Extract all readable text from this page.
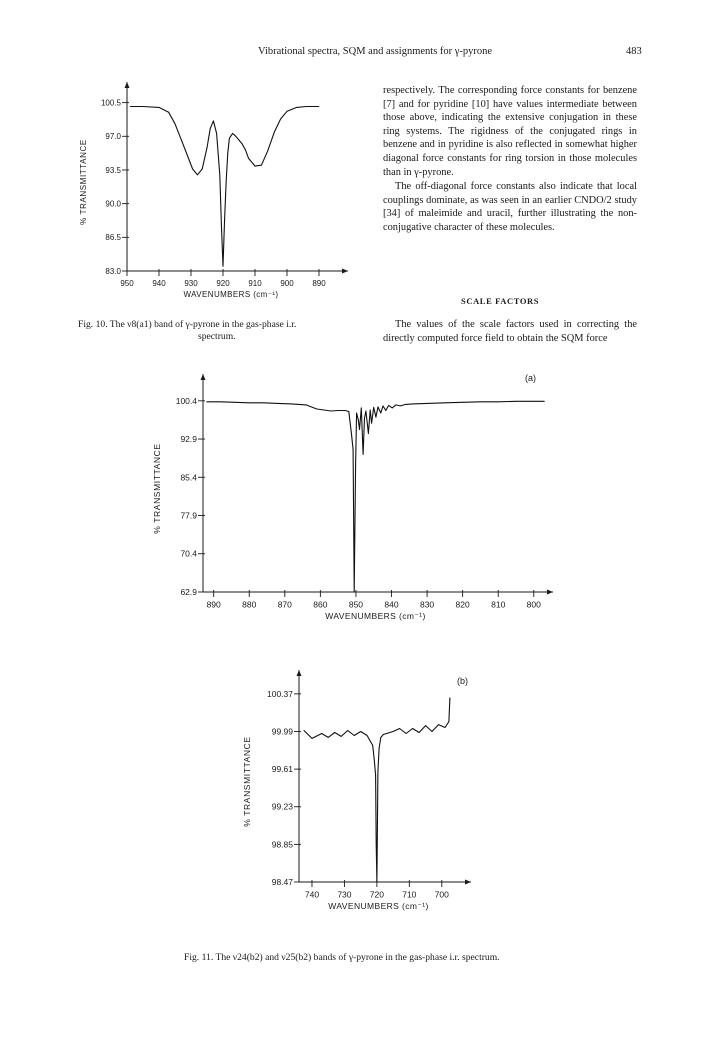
Vibrational spectra, SQM and assignments for γ-pyrone	483
respectively. The corresponding force constants for benzene [7] and for pyridine [10] have values intermediate between those above, indicating the extensive conjugation in these ring systems. The rigidness of the conjugated rings in benzene and in pyridine is also reflected in somewhat higher diagonal force constants for ring torsion in those molecules than in γ-pyrone.
The off-diagonal force constants also indicate that local couplings dominate, as was seen in an earlier CNDO/2 study [34] of maleimide and uracil, further illustrating the non-conjugative character of these molecules.
SCALE FACTORS
The values of the scale factors used in correcting the directly computed force field to obtain the SQM force
950 940 930 920 910 900 890
100.5
97.0
93.5
90.0
86.5
83.0
WAVENUMBERS (cm⁻¹)
% TRANSMITTANCE
Fig. 10. The ν8(a1) band of γ-pyrone in the gas-phase i.r.
spectrum.
890	880	870	860	850	840	830	820	810	800
100.4
92.9
85.4
77.9
70.4
62.9
WAVENUMBERS (cm⁻¹)
% TRANSMITTANCE
(a)
740 730 720 710 700
100.37
99.99
99.61
99.23
98.85
98.47
WAVENUMBERS (cm⁻¹)
% TRANSMITTANCE
(b)
Fig. 11. The ν24(b2) and ν25(b2) bands of γ-pyrone in the gas-phase i.r. spectrum.
